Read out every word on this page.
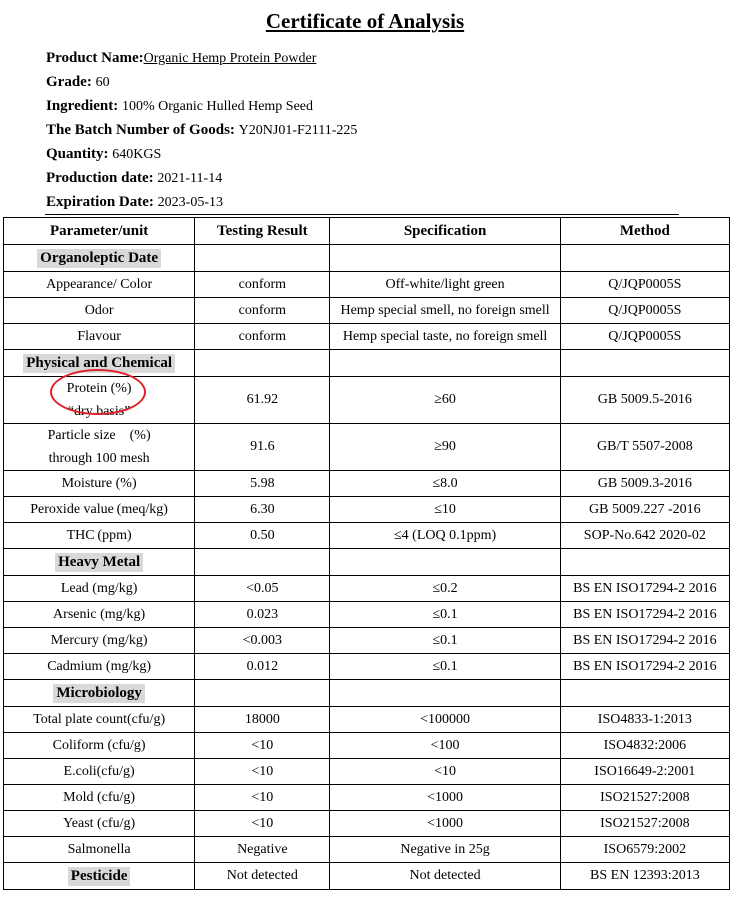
Certificate of Analysis
Product Name:Organic Hemp Protein Powder
Grade: 60
Ingredient: 100% Organic Hulled Hemp Seed
The Batch Number of Goods: Y20NJ01-F2111-225
Quantity: 640KGS
Production date: 2021-11-14
Expiration Date: 2023-05-13
Parameter/unit	Testing Result	Specification	Method
Organoleptic Date			
Appearance/ Color	conform	Off-white/light green	Q/JQP0005S
Odor	conform	Hemp special smell, no foreign smell	Q/JQP0005S
Flavour	conform	Hemp special taste, no foreign smell	Q/JQP0005S
Physical and Chemical			

Protein (%)
“dry basis”	61.92	≥60	GB 5009.5-2016
Particle size (%)
through 100 mesh	91.6	≥90	GB/T 5507-2008
Moisture (%)	5.98	≤8.0	GB 5009.3-2016
Peroxide value (meq/kg)	6.30	≤10	GB 5009.227 -2016
THC (ppm)	0.50	≤4 (LOQ 0.1ppm)	SOP-No.642 2020-02
Heavy Metal			
Lead (mg/kg)	<0.05	≤0.2	BS EN ISO17294-2 2016
Arsenic (mg/kg)	0.023	≤0.1	BS EN ISO17294-2 2016
Mercury (mg/kg)	<0.003	≤0.1	BS EN ISO17294-2 2016
Cadmium (mg/kg)	0.012	≤0.1	BS EN ISO17294-2 2016
Microbiology			
Total plate count(cfu/g)	18000	<100000	ISO4833-1:2013
Coliform (cfu/g)	<10	<100	ISO4832:2006
E.coli(cfu/g)	<10	<10	ISO16649-2:2001
Mold (cfu/g)	<10	<1000	ISO21527:2008
Yeast (cfu/g)	<10	<1000	ISO21527:2008
Salmonella	Negative	Negative in 25g	ISO6579:2002
Pesticide	Not detected	Not detected	BS EN 12393:2013
